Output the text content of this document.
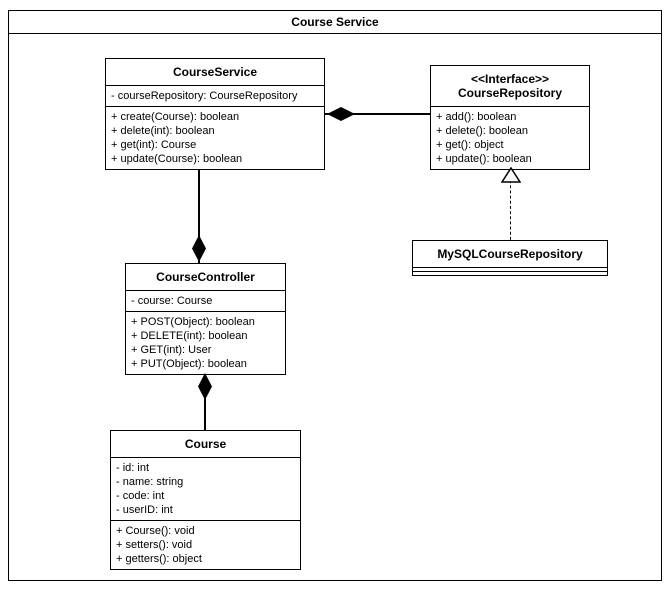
Course Service
CourseService
- courseRepository: CourseRepository
+ create(Course): boolean
+ delete(int): boolean
+ get(int): Course
+ update(Course): boolean
<<Interface>>
CourseRepository
+ add(): boolean
+ delete(): boolean
+ get(): object
+ update(): boolean
MySQLCourseRepository
CourseController
- course: Course
+ POST(Object): boolean
+ DELETE(int): boolean
+ GET(int): User
+ PUT(Object): boolean
Course
- id: int
- name: string
- code: int
- userID: int
+ Course(): void
+ setters(): void
+ getters(): object
